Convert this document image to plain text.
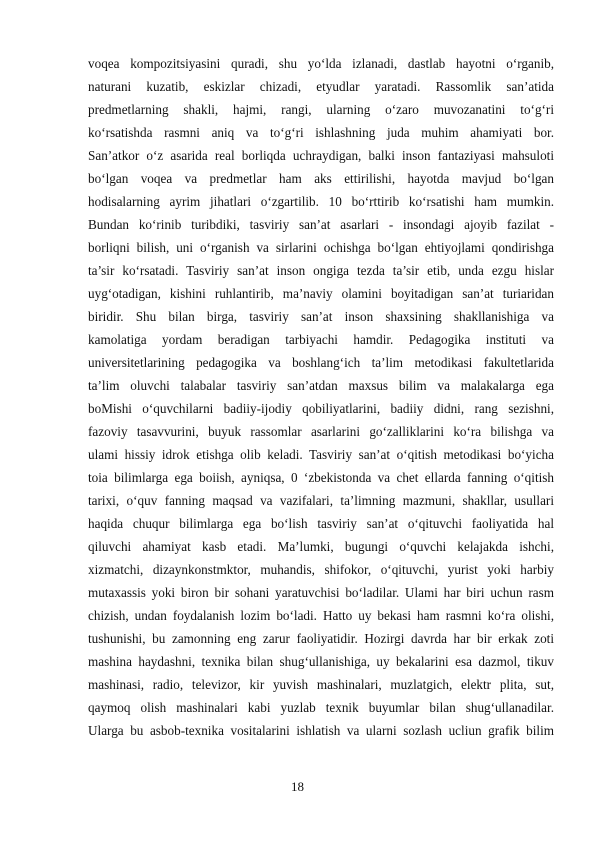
voqea kompozitsiyasini quradi, shu yo‘lda izlanadi, dastlab hayotni o‘rganib,
naturani kuzatib, eskizlar chizadi, etyudlar yaratadi. Rassomlik san’atida
predmetlarning shakli, hajmi, rangi, ularning o‘zaro muvozanatini to‘g‘ri
ko‘rsatishda rasmni aniq va to‘g‘ri ishlashning juda muhim ahamiyati bor.
San’atkor o‘z asarida real borliqda uchraydigan, balki inson fantaziyasi mahsuloti
bo‘lgan voqea va predmetlar ham aks ettirilishi, hayotda mavjud bo‘lgan
hodisalarning ayrim jihatlari o‘zgartilib. 10 bo‘rttirib ko‘rsatishi ham mumkin.
Bundan ko‘rinib turibdiki, tasviriy san’at asarlari - insondagi ajoyib fazilat -
borliqni bilish, uni o‘rganish va sirlarini ochishga bo‘lgan ehtiyojlami qondirishga
ta’sir ko‘rsatadi. Tasviriy san’at inson ongiga tezda ta’sir etib, unda ezgu hislar
uyg‘otadigan, kishini ruhlantirib, ma’naviy olamini boyitadigan san’at turiaridan
biridir. Shu bilan birga, tasviriy san’at inson shaxsining shakllanishiga va
kamolatiga yordam beradigan tarbiyachi hamdir. Pedagogika instituti va
universitetlarining pedagogika va boshlang‘ich ta’lim metodikasi fakultetlarida
ta’lim oluvchi talabalar tasviriy san’atdan maxsus bilim va malakalarga ega
boMishi o‘quvchilarni badiiy-ijodiy qobiliyatlarini, badiiy didni, rang sezishni,
fazoviy tasavvurini, buyuk rassomlar asarlarini go‘zalliklarini ko‘ra bilishga va
ulami hissiy idrok etishga olib keladi. Tasviriy san’at o‘qitish metodikasi bo‘yicha
toia bilimlarga ega boiish, ayniqsa, 0 ‘zbekistonda va chet ellarda fanning o‘qitish
tarixi, o‘quv fanning maqsad va vazifalari, ta’limning mazmuni, shakllar, usullari
haqida chuqur bilimlarga ega bo‘lish tasviriy san’at o‘qituvchi faoliyatida hal
qiluvchi ahamiyat kasb etadi. Ma’lumki, bugungi o‘quvchi kelajakda ishchi,
xizmatchi, dizaynkonstmktor, muhandis, shifokor, o‘qituvchi, yurist yoki harbiy
mutaxassis yoki biron bir sohani yaratuvchisi bo‘ladilar. Ulami har biri uchun rasm
chizish, undan foydalanish lozim bo‘ladi. Hatto uy bekasi ham rasmni ko‘ra olishi,
tushunishi, bu zamonning eng zarur faoliyatidir. Hozirgi davrda har bir erkak zoti
mashina haydashni, texnika bilan shug‘ullanishiga, uy bekalarini esa dazmol, tikuv
mashinasi, radio, televizor, kir yuvish mashinalari, muzlatgich, elektr plita, sut,
qaymoq olish mashinalari kabi yuzlab texnik buyumlar bilan shug‘ullanadilar.
Ularga bu asbob-texnika vositalarini ishlatish va ularni sozlash ucliun grafik bilim
18
